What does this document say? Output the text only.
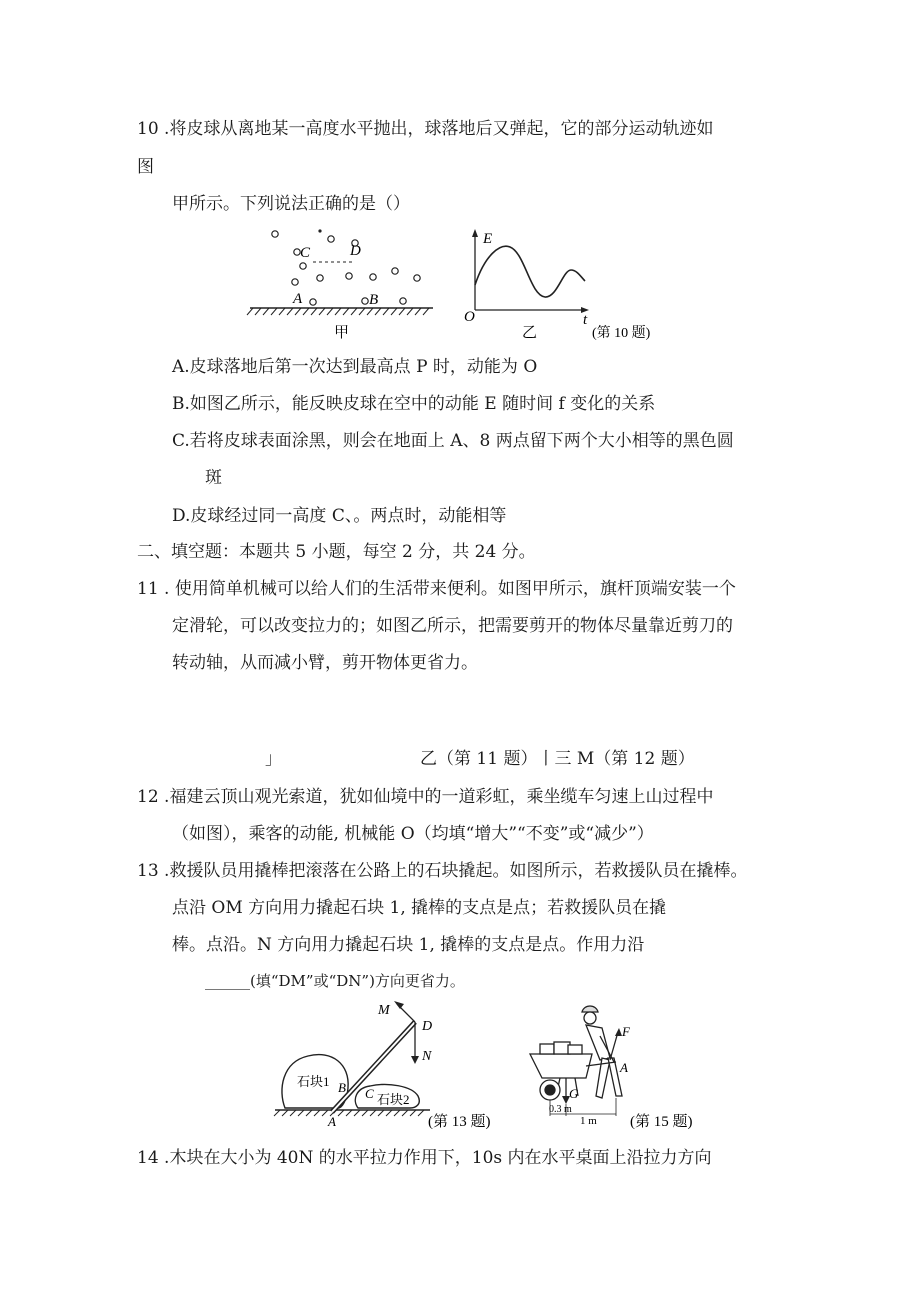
10 .将皮球从离地某一高度水平抛出，球落地后又弹起，它的部分运动轨迹如
图
甲所示。下列说法正确的是（）
C	D
A	B
甲
E
O	t
乙	(第 10 题)
A.皮球落地后第一次达到最高点 P 时，动能为 O
B.如图乙所示，能反映皮球在空中的动能 E 随时间 f 变化的关系
C.若将皮球表面涂黑，则会在地面上 A、8 两点留下两个大小相等的黑色圆
斑
D.皮球经过同一高度 C、。两点时，动能相等
二、填空题：本题共 5 小题，每空 2 分，共 24 分。
11 . 使用简单机械可以给人们的生活带来便利。如图甲所示，旗杆顶端安装一个
定滑轮，可以改变拉力的；如图乙所示，把需要剪开的物体尽量靠近剪刀的
转动轴，从而减小臂，剪开物体更省力。
」	乙（第 11 题）丨三 M（第 12 题）
12 .福建云顶山观光索道，犹如仙境中的一道彩虹，乘坐缆车匀速上山过程中
（如图），乘客的动能, 机械能 O（均填“增大”“不变”或“减少”）
13 .救援队员用撬棒把滚落在公路上的石块撬起。如图所示，若救援队员在撬棒。
点沿 OM 方向用力撬起石块 1, 撬棒的支点是点；若救援队员在撬
棒。点沿。N 方向用力撬起石块 1, 撬棒的支点是点。作用力沿
______(填“DM”或“DN”)方向更省力。
石块1
石块2
M
D
N
B C
A	(第 13 题)
F
A
G
0.3 m
1 m (第 15 题)
14 .木块在大小为 40N 的水平拉力作用下，10s 内在水平桌面上沿拉力方向
